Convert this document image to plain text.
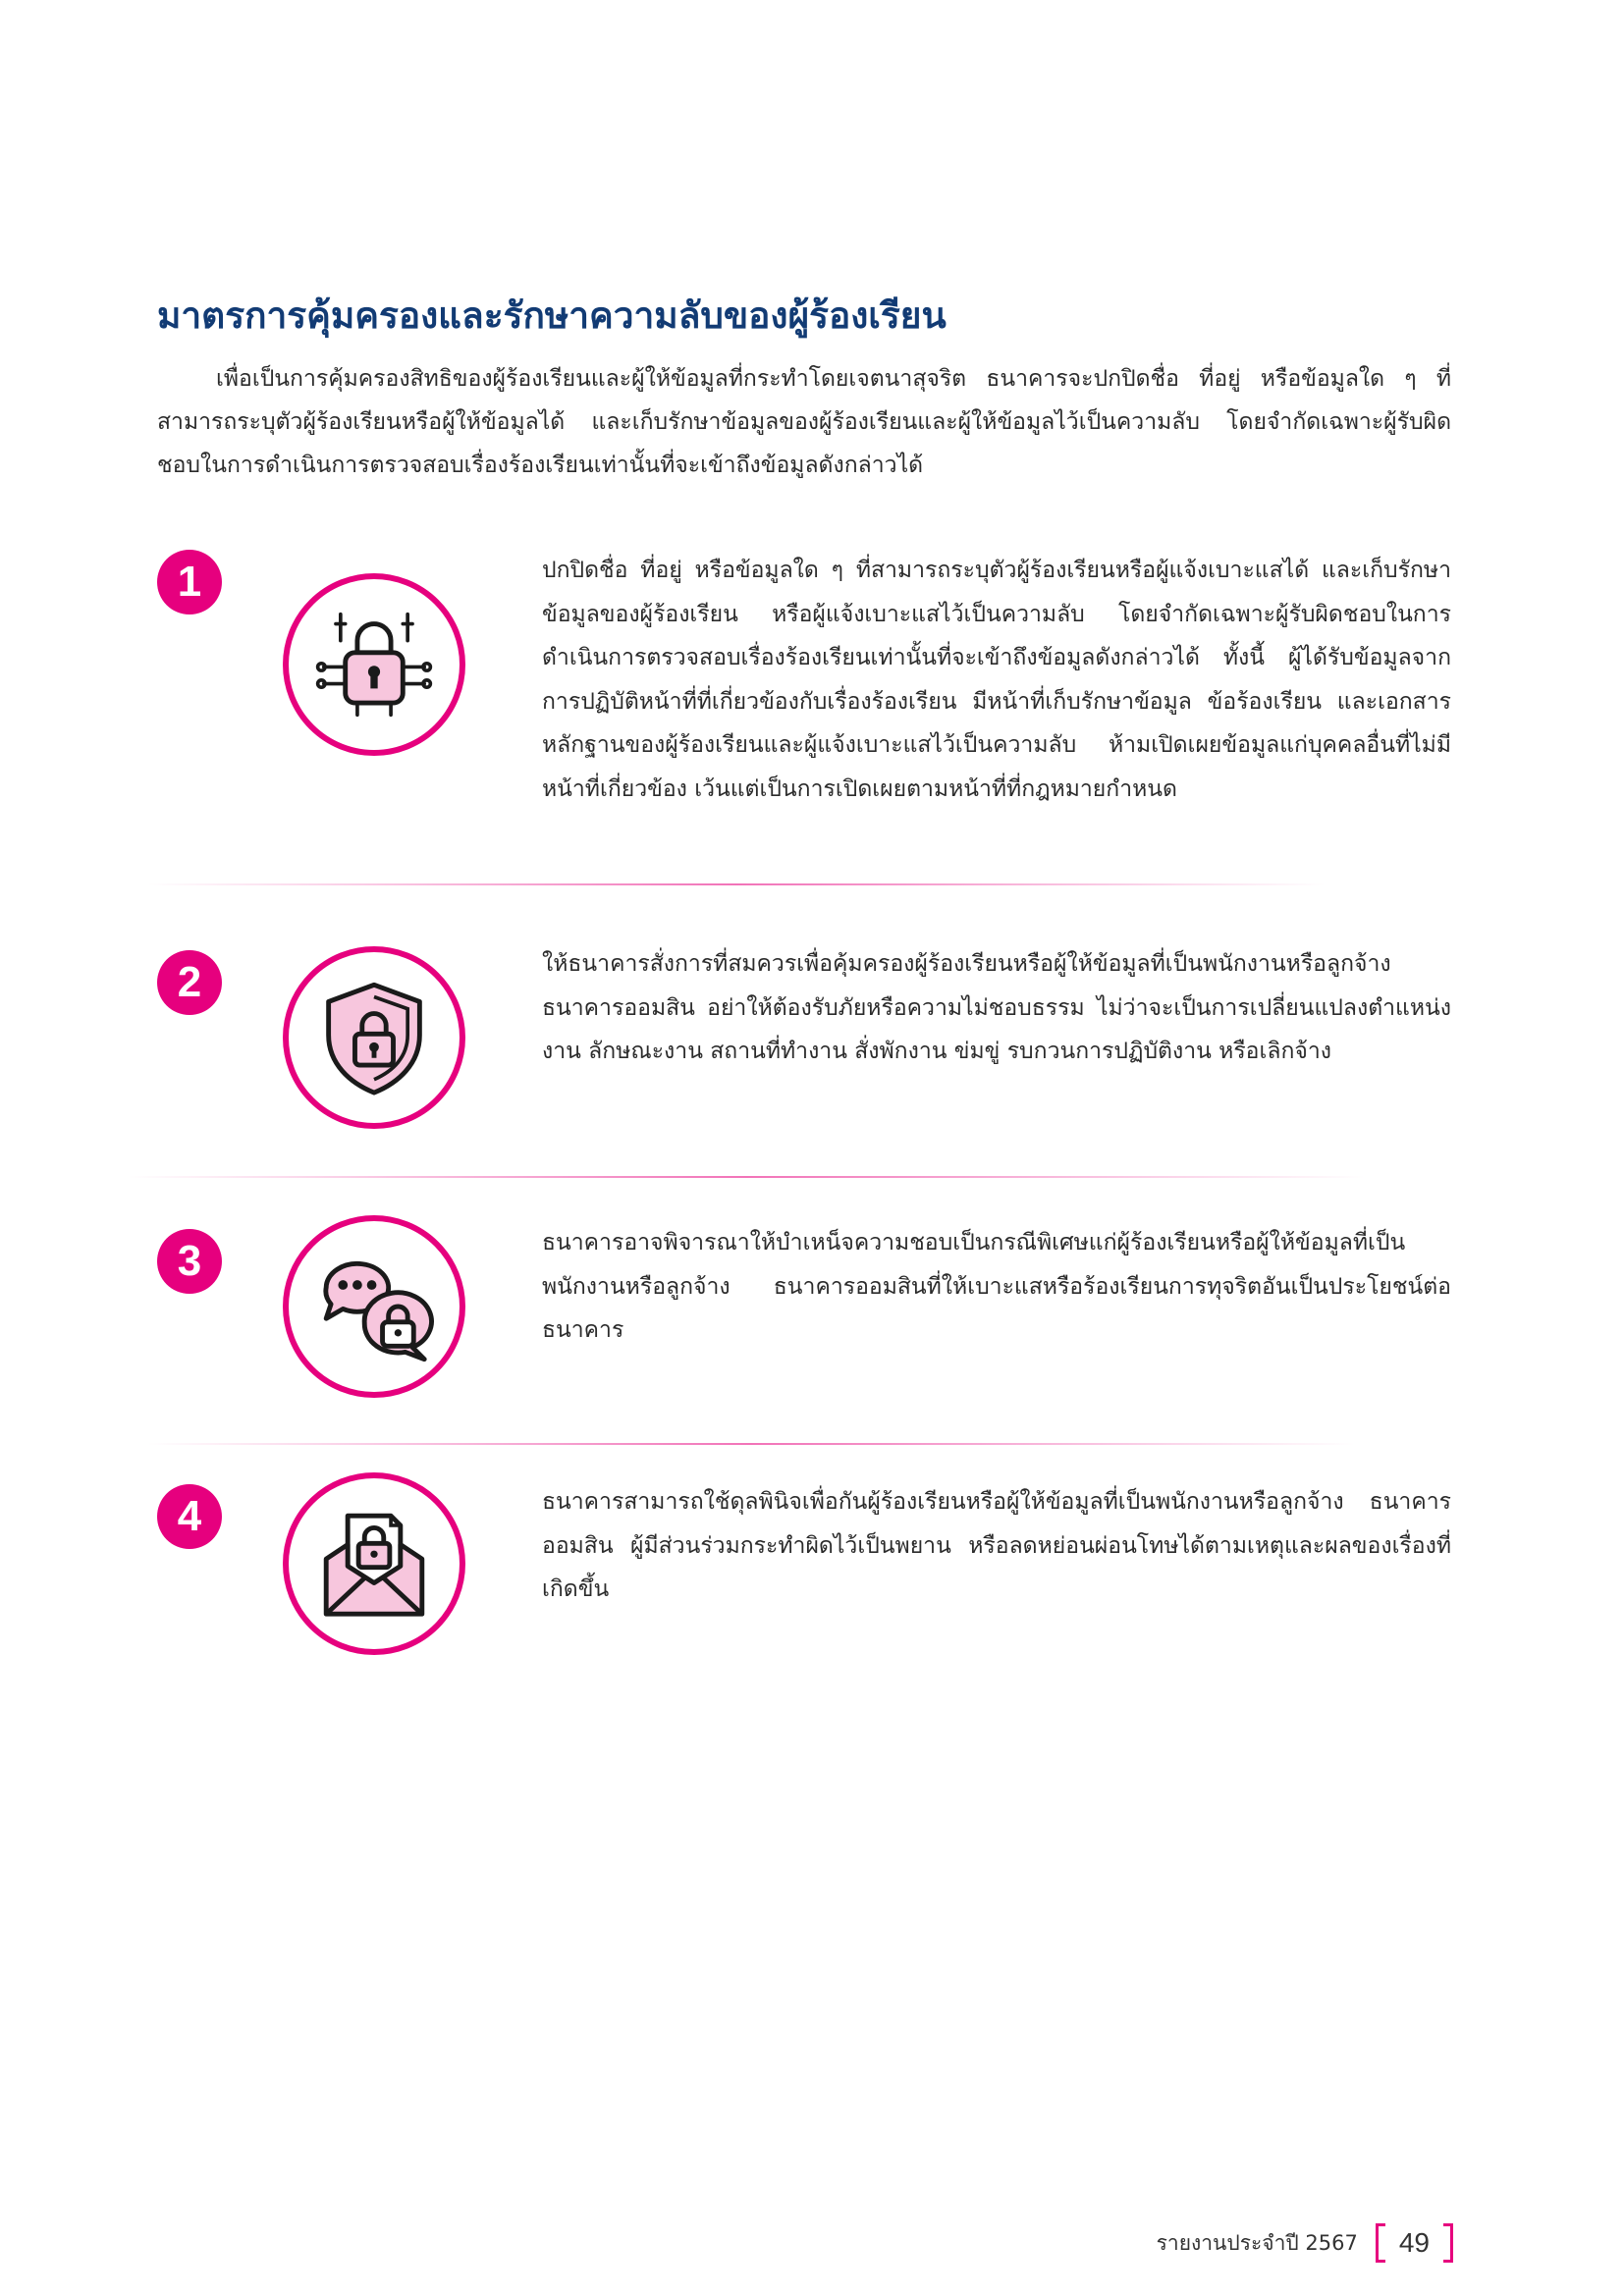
มาตรการคุ้มครองและรักษาความลับของผู้ร้องเรียน

เพื่อเป็นการคุ้มครองสิทธิของผู้ร้องเรียนและผู้ให้ข้อมูลที่กระทำโดยเจตนาสุจริต ธนาคารจะปกปิดชื่อ ที่อยู่ หรือข้อมูลใด ๆ ที่สามารถระบุตัวผู้ร้องเรียนหรือผู้ให้ข้อมูลได้ และเก็บรักษาข้อมูลของผู้ร้องเรียนและผู้ให้ข้อมูลไว้เป็นความลับ โดยจำกัดเฉพาะผู้รับผิดชอบในการดำเนินการตรวจสอบเรื่องร้องเรียนเท่านั้นที่จะเข้าถึงข้อมูลดังกล่าวได้

1	ปกปิดชื่อ ที่อยู่ หรือข้อมูลใด ๆ ที่สามารถระบุตัวผู้ร้องเรียนหรือผู้แจ้งเบาะแสได้ และเก็บรักษาข้อมูลของผู้ร้องเรียน หรือผู้แจ้งเบาะแสไว้เป็นความลับ โดยจำกัดเฉพาะผู้รับผิดชอบในการดำเนินการตรวจสอบเรื่องร้องเรียนเท่านั้นที่จะเข้าถึงข้อมูลดังกล่าวได้ ทั้งนี้ ผู้ได้รับข้อมูลจากการปฏิบัติหน้าที่ที่เกี่ยวข้องกับเรื่องร้องเรียน มีหน้าที่เก็บรักษาข้อมูล ข้อร้องเรียน และเอกสารหลักฐานของผู้ร้องเรียนและผู้แจ้งเบาะแสไว้เป็นความลับ ห้ามเปิดเผยข้อมูลแก่บุคคลอื่นที่ไม่มีหน้าที่เกี่ยวข้อง เว้นแต่เป็นการเปิดเผยตามหน้าที่ที่กฎหมายกำหนด

2	ให้ธนาคารสั่งการที่สมควรเพื่อคุ้มครองผู้ร้องเรียนหรือผู้ให้ข้อมูลที่เป็นพนักงานหรือลูกจ้างธนาคารออมสิน อย่าให้ต้องรับภัยหรือความไม่ชอบธรรม ไม่ว่าจะเป็นการเปลี่ยนแปลงตำแหน่งงาน ลักษณะงาน สถานที่ทำงาน สั่งพักงาน ข่มขู่ รบกวนการปฏิบัติงาน หรือเลิกจ้าง

3	ธนาคารอาจพิจารณาให้บำเหน็จความชอบเป็นกรณีพิเศษแก่ผู้ร้องเรียนหรือผู้ให้ข้อมูลที่เป็นพนักงานหรือลูกจ้าง ธนาคารออมสินที่ให้เบาะแสหรือร้องเรียนการทุจริตอันเป็นประโยชน์ต่อธนาคาร

4	ธนาคารสามารถใช้ดุลพินิจเพื่อกันผู้ร้องเรียนหรือผู้ให้ข้อมูลที่เป็นพนักงานหรือลูกจ้าง ธนาคารออมสิน ผู้มีส่วนร่วมกระทำผิดไว้เป็นพยาน หรือลดหย่อนผ่อนโทษได้ตามเหตุและผลของเรื่องที่เกิดขึ้น

รายงานประจำปี 2567	49
